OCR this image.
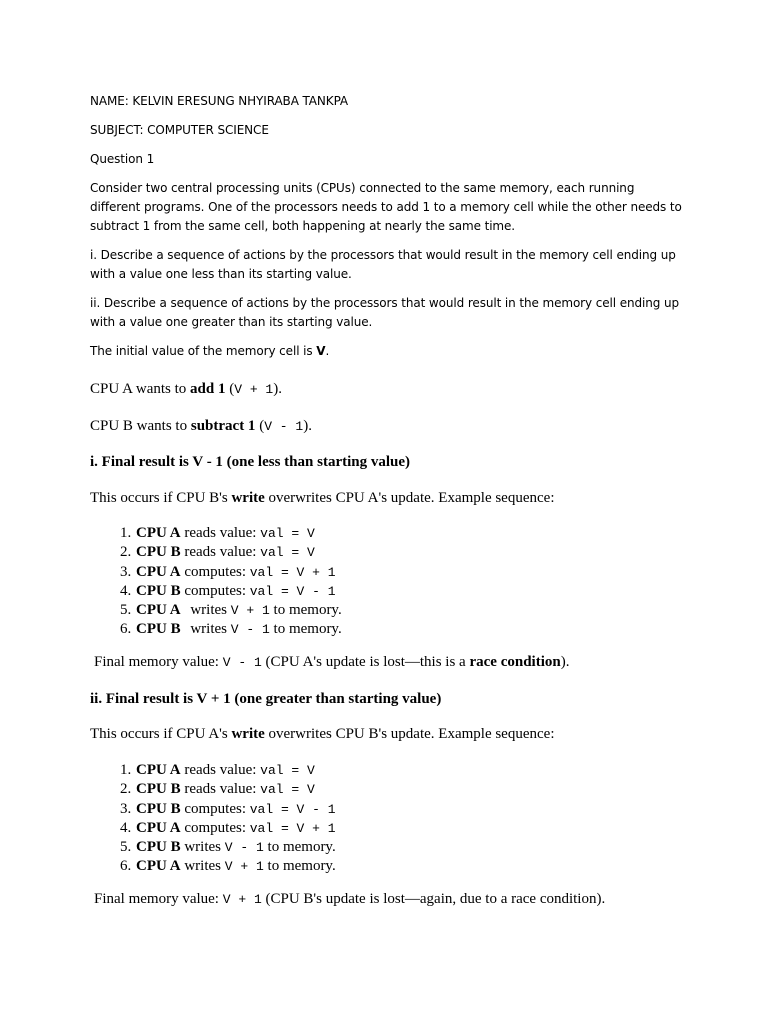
NAME: KELVIN ERESUNG NHYIRABA TANKPA
SUBJECT: COMPUTER SCIENCE
Question 1
Consider two central processing units (CPUs) connected to the same memory, each running different programs. One of the processors needs to add 1 to a memory cell while the other needs to subtract 1 from the same cell, both happening at nearly the same time.
i. Describe a sequence of actions by the processors that would result in the memory cell ending up with a value one less than its starting value.
ii. Describe a sequence of actions by the processors that would result in the memory cell ending up with a value one greater than its starting value.
The initial value of the memory cell is V.
CPU A wants to add 1 (V + 1).
CPU B wants to subtract 1 (V - 1).
i. Final result is V - 1 (one less than starting value)
This occurs if CPU B's write overwrites CPU A's update. Example sequence:
1. CPU A reads value: val = V
2. CPU B reads value: val = V
3. CPU A computes: val = V + 1
4. CPU B computes: val = V - 1
5. CPU A writes V + 1 to memory.
6. CPU B writes V - 1 to memory.
Final memory value: V - 1 (CPU A's update is lost—this is a race condition).
ii. Final result is V + 1 (one greater than starting value)
This occurs if CPU A's write overwrites CPU B's update. Example sequence:
1. CPU A reads value: val = V
2. CPU B reads value: val = V
3. CPU B computes: val = V - 1
4. CPU A computes: val = V + 1
5. CPU B writes V - 1 to memory.
6. CPU A writes V + 1 to memory.
Final memory value: V + 1 (CPU B's update is lost—again, due to a race condition).
